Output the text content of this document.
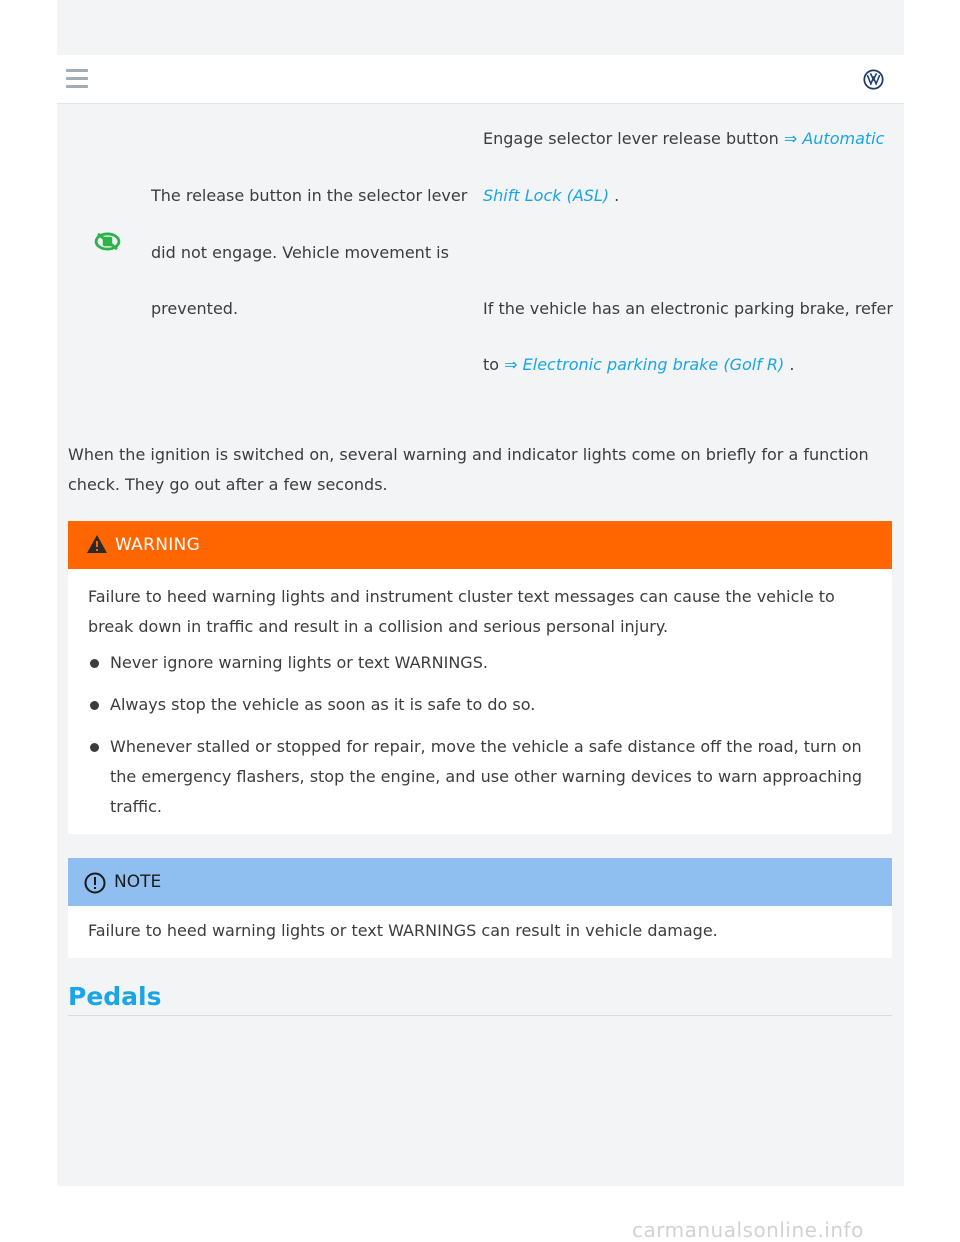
The release button in the selector lever
did not engage. Vehicle movement is
prevented.
Engage selector lever release button ⇒ Automatic
Shift Lock (ASL) .
If the vehicle has an electronic parking brake, refer
to ⇒ Electronic parking brake (Golf R) .
When the ignition is switched on, several warning and indicator lights come on briefly for a function check. They go out after a few seconds.
WARNING
Failure to heed warning lights and instrument cluster text messages can cause the vehicle to break down in traffic and result in a collision and serious personal injury.
Never ignore warning lights or text WARNINGS.
Always stop the vehicle as soon as it is safe to do so.
Whenever stalled or stopped for repair, move the vehicle a safe distance off the road, turn on the emergency flashers, stop the engine, and use other warning devices to warn approaching traffic.
NOTE
Failure to heed warning lights or text WARNINGS can result in vehicle damage.
Pedals
carmanualsonline.info
